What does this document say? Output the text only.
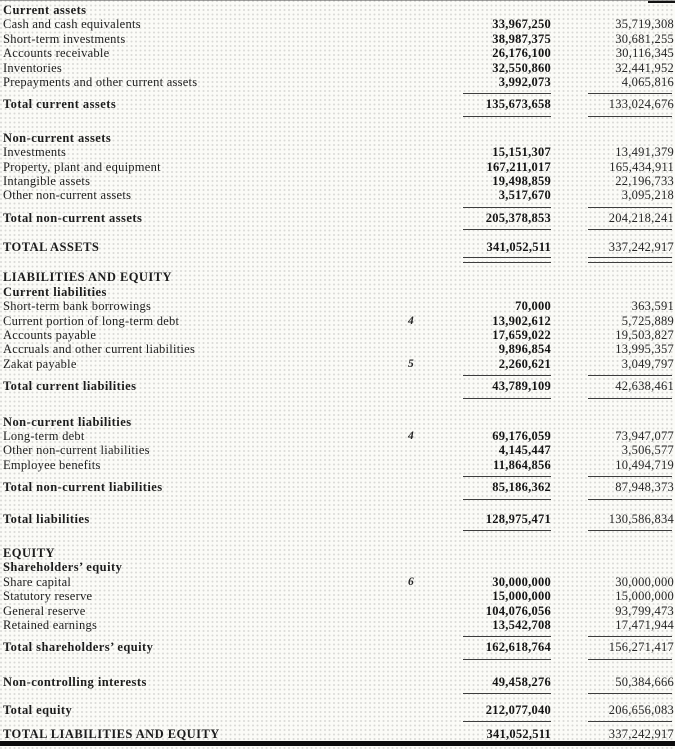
Current assets
Cash and cash equivalents	33,967,250	35,719,308
Short-term investments	38,987,375	30,681,255
Accounts receivable	26,176,100	30,116,345
Inventories	32,550,860	32,441,952
Prepayments and other current assets	3,992,073	4,065,816
Total current assets	135,673,658	133,024,676
Non-current assets
Investments	15,151,307	13,491,379
Property, plant and equipment	167,211,017	165,434,911
Intangible assets	19,498,859	22,196,733
Other non-current assets	3,517,670	3,095,218
Total non-current assets	205,378,853	204,218,241
TOTAL ASSETS	341,052,511	337,242,917
LIABILITIES AND EQUITY
Current liabilities
Short-term bank borrowings	70,000	363,591
Current portion of long-term debt	4	13,902,612	5,725,889
Accounts payable	17,659,022	19,503,827
Accruals and other current liabilities	9,896,854	13,995,357
Zakat payable	5	2,260,621	3,049,797
Total current liabilities	43,789,109	42,638,461
Non-current liabilities
Long-term debt	4	69,176,059	73,947,077
Other non-current liabilities	4,145,447	3,506,577
Employee benefits	11,864,856	10,494,719
Total non-current liabilities	85,186,362	87,948,373
Total liabilities	128,975,471	130,586,834
EQUITY
Shareholders’ equity
Share capital	6	30,000,000	30,000,000
Statutory reserve	15,000,000	15,000,000
General reserve	104,076,056	93,799,473
Retained earnings	13,542,708	17,471,944
Total shareholders’ equity	162,618,764	156,271,417
Non-controlling interests	49,458,276	50,384,666
Total equity	212,077,040	206,656,083
TOTAL LIABILITIES AND EQUITY	341,052,511	337,242,917
